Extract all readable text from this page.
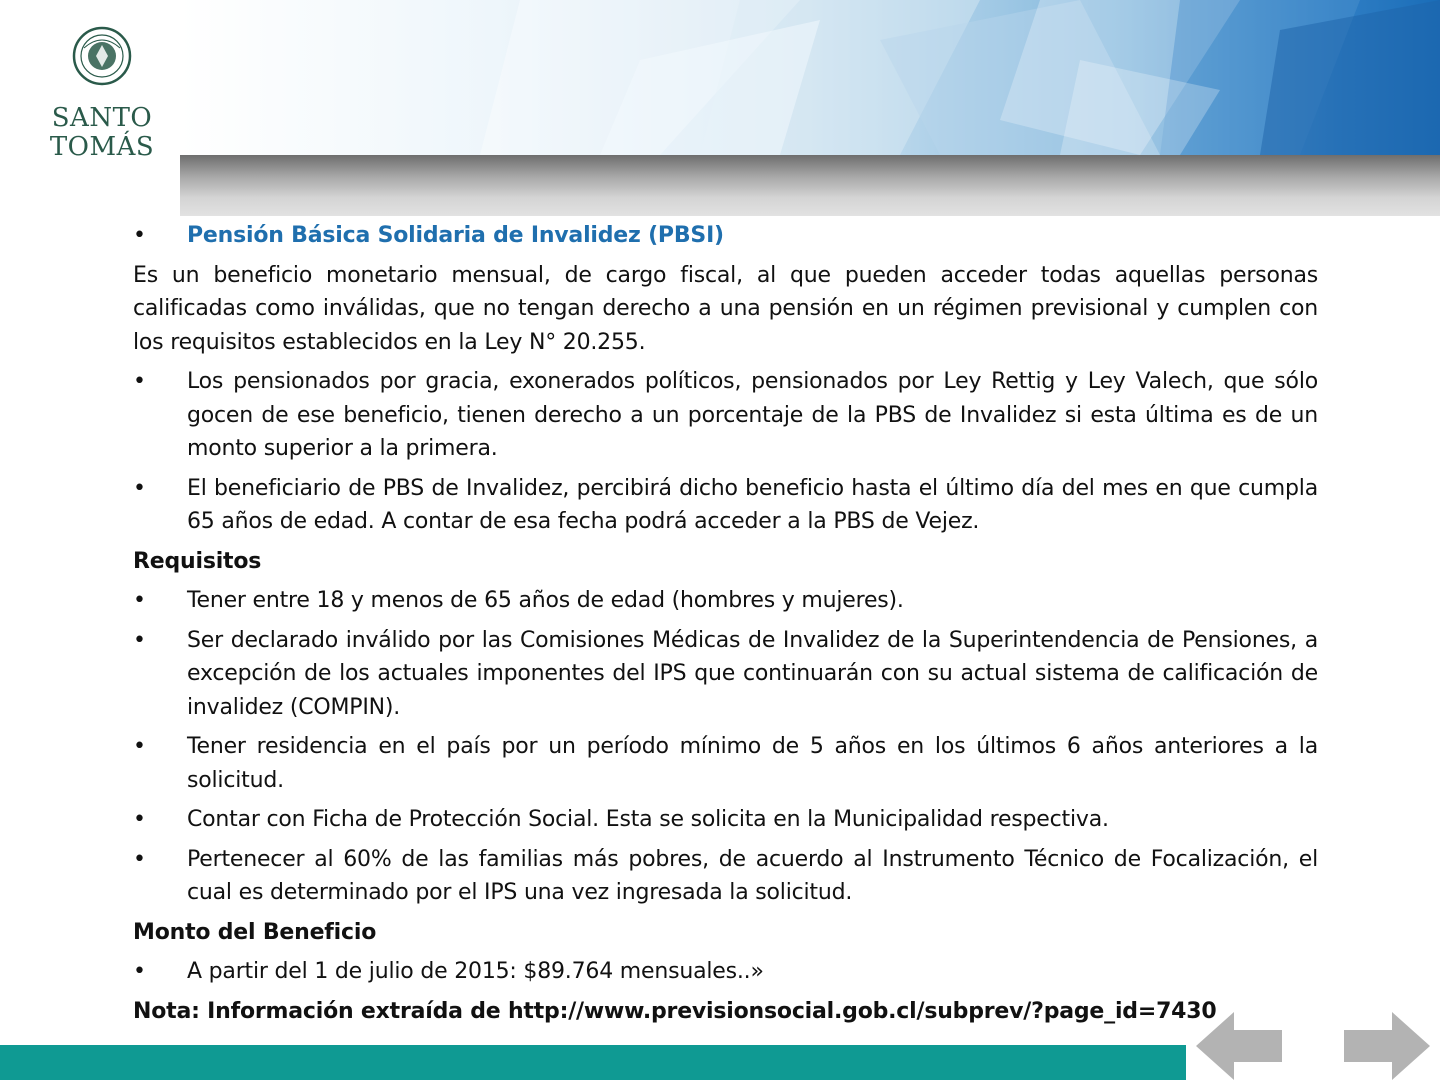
SANTO
TOMÁS
•	Pensión Básica Solidaria de Invalidez (PBSI)
Es un beneficio monetario mensual, de cargo fiscal, al que pueden acceder todas aquellas personas calificadas como inválidas, que no tengan derecho a una pensión en un régimen previsional y cumplen con los requisitos establecidos en la Ley N° 20.255.
•	Los pensionados por gracia, exonerados políticos, pensionados por Ley Rettig y Ley Valech, que sólo gocen de ese beneficio, tienen derecho a un porcentaje de la PBS de Invalidez si esta última es de un monto superior a la primera.
•	El beneficiario de PBS de Invalidez, percibirá dicho beneficio hasta el último día del mes en que cumpla 65 años de edad. A contar de esa fecha podrá acceder a la PBS de Vejez.
Requisitos
•	Tener entre 18 y menos de 65 años de edad (hombres y mujeres).
•	Ser declarado inválido por las Comisiones Médicas de Invalidez de la Superintendencia de Pensiones, a excepción de los actuales imponentes del IPS que continuarán con su actual sistema de calificación de invalidez (COMPIN).
•	Tener residencia en el país por un período mínimo de 5 años en los últimos 6 años anteriores a la solicitud.
•	Contar con Ficha de Protección Social. Esta se solicita en la Municipalidad respectiva.
•	Pertenecer al 60% de las familias más pobres, de acuerdo al Instrumento Técnico de Focalización, el cual es determinado por el IPS una vez ingresada la solicitud.
Monto del Beneficio
•	A partir del 1 de julio de 2015: $89.764 mensuales..»
Nota: Información extraída de http://www.previsionsocial.gob.cl/subprev/?page_id=7430
